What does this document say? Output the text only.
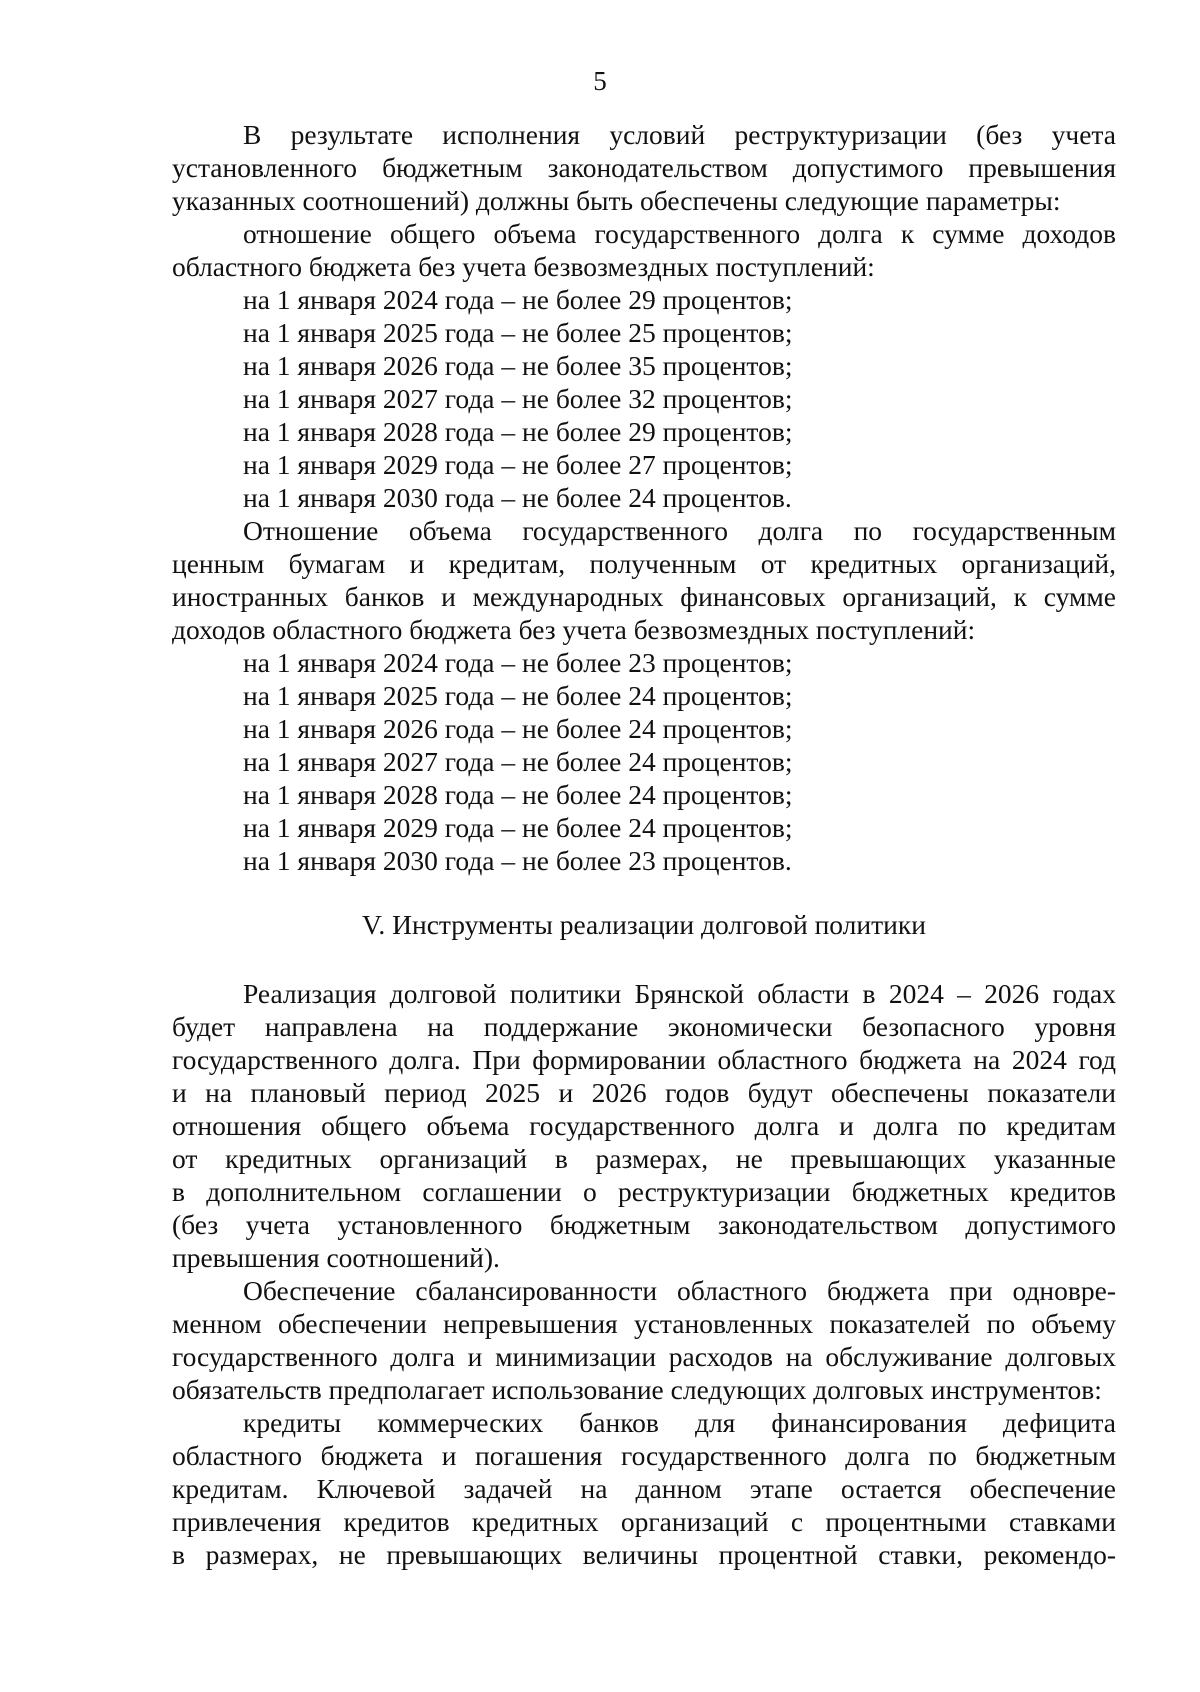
5
В результате исполнения условий реструктуризации (без учета
установленного бюджетным законодательством допустимого превышения
указанных соотношений) должны быть обеспечены следующие параметры:
отношение общего объема государственного долга к сумме доходов
областного бюджета без учета безвозмездных поступлений:
на 1 января 2024 года – не более 29 процентов;
на 1 января 2025 года – не более 25 процентов;
на 1 января 2026 года – не более 35 процентов;
на 1 января 2027 года – не более 32 процентов;
на 1 января 2028 года – не более 29 процентов;
на 1 января 2029 года – не более 27 процентов;
на 1 января 2030 года – не более 24 процентов.
Отношение объема государственного долга по государственным
ценным бумагам и кредитам, полученным от кредитных организаций,
иностранных банков и международных финансовых организаций, к сумме
доходов областного бюджета без учета безвозмездных поступлений:
на 1 января 2024 года – не более 23 процентов;
на 1 января 2025 года – не более 24 процентов;
на 1 января 2026 года – не более 24 процентов;
на 1 января 2027 года – не более 24 процентов;
на 1 января 2028 года – не более 24 процентов;
на 1 января 2029 года – не более 24 процентов;
на 1 января 2030 года – не более 23 процентов.
V. Инструменты реализации долговой политики
Реализация долговой политики Брянской области в 2024 – 2026 годах
будет направлена на поддержание экономически безопасного уровня
государственного долга. При формировании областного бюджета на 2024 год
и на плановый период 2025 и 2026 годов будут обеспечены показатели
отношения общего объема государственного долга и долга по кредитам
от кредитных организаций в размерах, не превышающих указанные
в дополнительном соглашении о реструктуризации бюджетных кредитов
(без учета установленного бюджетным законодательством допустимого
превышения соотношений).
Обеспечение сбалансированности областного бюджета при одновре-
менном обеспечении непревышения установленных показателей по объему
государственного долга и минимизации расходов на обслуживание долговых
обязательств предполагает использование следующих долговых инструментов:
кредиты коммерческих банков для финансирования дефицита
областного бюджета и погашения государственного долга по бюджетным
кредитам. Ключевой задачей на данном этапе остается обеспечение
привлечения кредитов кредитных организаций с процентными ставками
в размерах, не превышающих величины процентной ставки, рекомендо-
